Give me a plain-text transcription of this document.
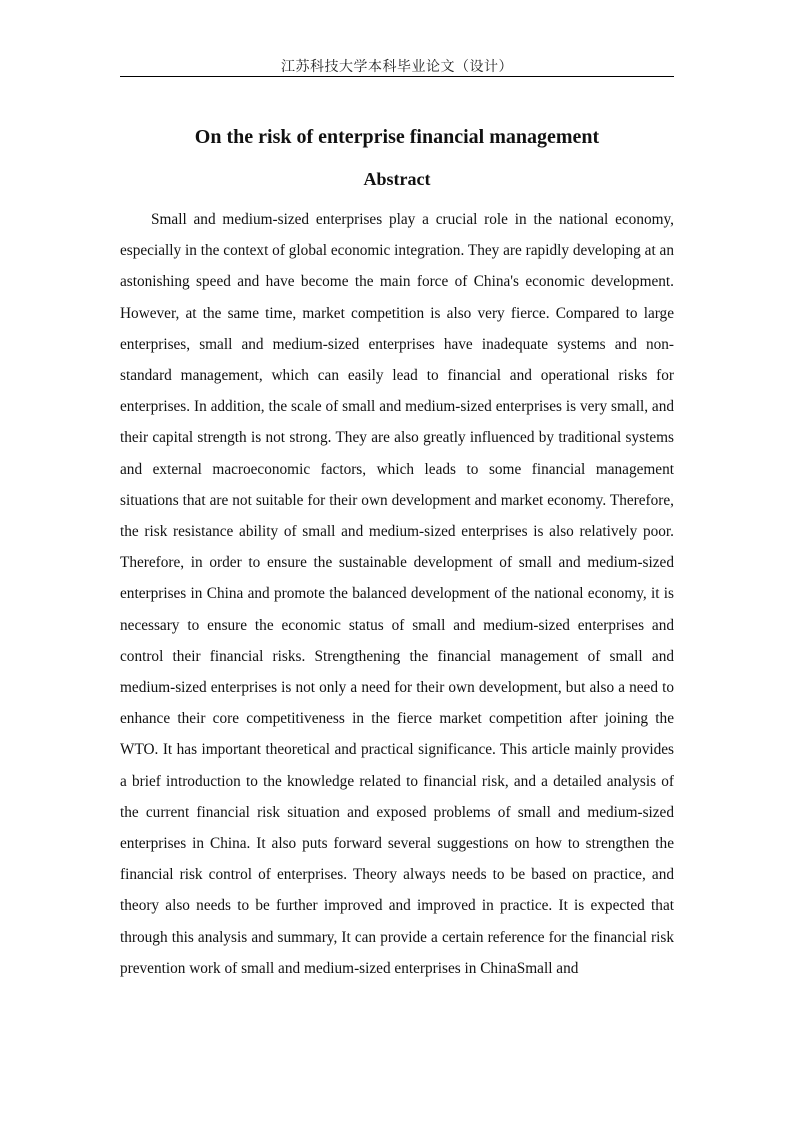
江苏科技大学本科毕业论文（设计）
On the risk of enterprise financial management
Abstract

Small and medium-sized enterprises play a crucial role in the national economy, especially in the context of global economic integration. They are rapidly developing at an astonishing speed and have become the main force of China's economic development. However, at the same time, market competition is also very fierce. Compared to large enterprises, small and medium-sized enterprises have inadequate systems and non-standard management, which can easily lead to financial and operational risks for enterprises. In addition, the scale of small and medium-sized enterprises is very small, and their capital strength is not strong. They are also greatly influenced by traditional systems and external macroeconomic factors, which leads to some financial management situations that are not suitable for their own development and market economy. Therefore, the risk resistance ability of small and medium-sized enterprises is also relatively poor. Therefore, in order to ensure the sustainable development of small and medium-sized enterprises in China and promote the balanced development of the national economy, it is necessary to ensure the economic status of small and medium-sized enterprises and control their financial risks. Strengthening the financial management of small and medium-sized enterprises is not only a need for their own development, but also a need to enhance their core competitiveness in the fierce market competition after joining the WTO. It has important theoretical and practical significance. This article mainly provides a brief introduction to the knowledge related to financial risk, and a detailed analysis of the current financial risk situation and exposed problems of small and medium-sized enterprises in China. It also puts forward several suggestions on how to strengthen the financial risk control of enterprises. Theory always needs to be based on practice, and theory also needs to be further improved and improved in practice. It is expected that through this analysis and summary, It can provide a certain reference for the financial risk prevention work of small and medium-sized enterprises in ChinaSmall and
